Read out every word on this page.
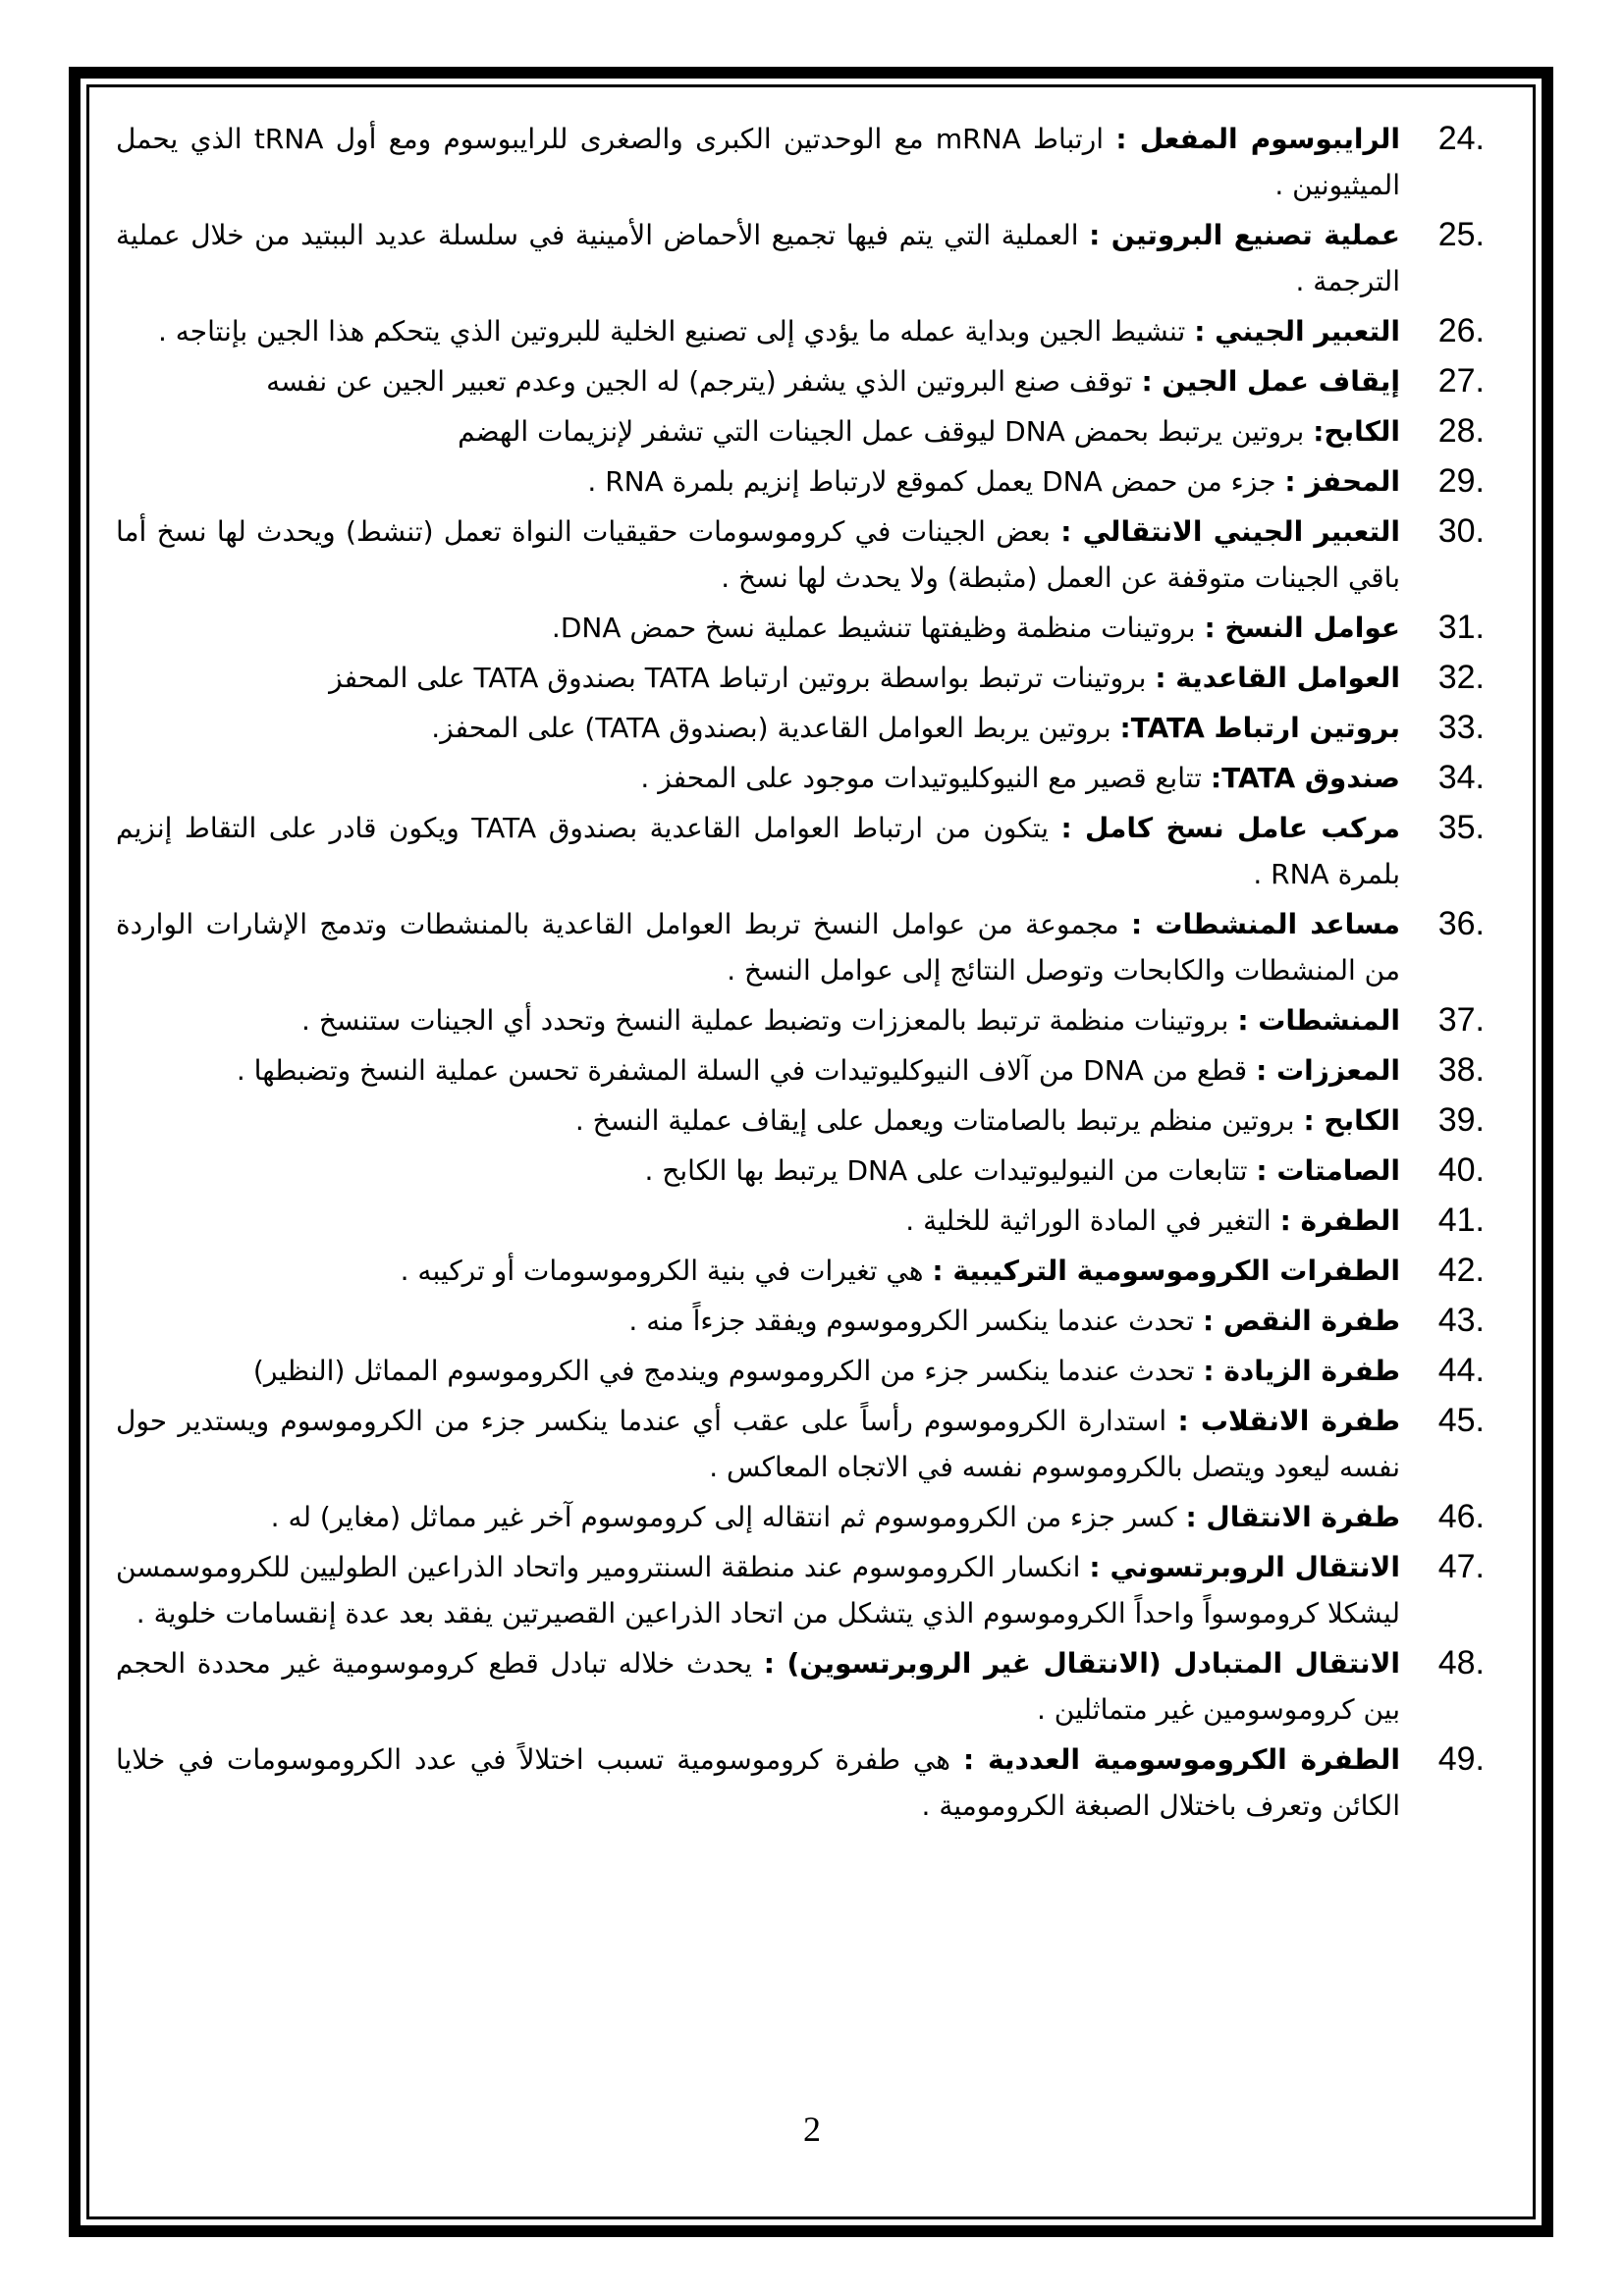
24.
الرايبوسوم المفعل : ارتباط mRNA مع الوحدتين الكبرى والصغرى للرايبوسوم ومع أول tRNA الذي يحمل الميثيونين .
25.
عملية تصنيع البروتين : العملية التي يتم فيها تجميع الأحماض الأمينية في سلسلة عديد الببتيد من خلال عملية الترجمة .
26.
التعبير الجيني : تنشيط الجين وبداية عمله ما يؤدي إلى تصنيع الخلية للبروتين الذي يتحكم هذا الجين بإنتاجه .
27.
إيقاف عمل الجين : توقف صنع البروتين الذي يشفر (يترجم) له الجين وعدم تعبير الجين عن نفسه
28.
الكابح: بروتين يرتبط بحمض DNA ليوقف عمل الجينات التي تشفر لإنزيمات الهضم
29.
المحفز : جزء من حمض DNA يعمل كموقع لارتباط إنزيم بلمرة RNA .
30.
التعبير الجيني الانتقالي : بعض الجينات في كروموسومات حقيقيات النواة تعمل (تنشط) ويحدث لها نسخ أما باقي الجينات متوقفة عن العمل (مثبطة) ولا يحدث لها نسخ .
31.
عوامل النسخ : بروتينات منظمة وظيفتها تنشيط عملية نسخ حمض DNA.
32.
العوامل القاعدية : بروتينات ترتبط بواسطة بروتين ارتباط TATA بصندوق TATA على المحفز
33.
بروتين ارتباط TATA: بروتين يربط العوامل القاعدية (بصندوق TATA) على المحفز.
34.
صندوق TATA: تتابع قصير مع النيوكليوتيدات موجود على المحفز .
35.
مركب عامل نسخ كامل : يتكون من ارتباط العوامل القاعدية بصندوق TATA ويكون قادر على التقاط إنزيم بلمرة RNA .
36.
مساعد المنشطات : مجموعة من عوامل النسخ تربط العوامل القاعدية بالمنشطات وتدمج الإشارات الواردة من المنشطات والكابحات وتوصل النتائج إلى عوامل النسخ .
37.
المنشطات : بروتينات منظمة ترتبط بالمعززات وتضبط عملية النسخ وتحدد أي الجينات ستنسخ .
38.
المعززات : قطع من DNA من آلاف النيوكليوتيدات في السلة المشفرة تحسن عملية النسخ وتضبطها .
39.
الكابح : بروتين منظم يرتبط بالصامتات ويعمل على إيقاف عملية النسخ .
40.
الصامتات : تتابعات من النيوليوتيدات على DNA يرتبط بها الكابح .
41.
الطفرة : التغير في المادة الوراثية للخلية .
42.
الطفرات الكروموسومية التركيبية : هي تغيرات في بنية الكروموسومات أو تركيبه .
43.
طفرة النقص : تحدث عندما ينكسر الكروموسوم ويفقد جزءاً منه .
44.
طفرة الزيادة : تحدث عندما ينكسر جزء من الكروموسوم ويندمج في الكروموسوم المماثل (النظير)
45.
طفرة الانقلاب : استدارة الكروموسوم رأساً على عقب أي عندما ينكسر جزء من الكروموسوم ويستدير حول نفسه ليعود ويتصل بالكروموسوم نفسه في الاتجاه المعاكس .
46.
طفرة الانتقال : كسر جزء من الكروموسوم ثم انتقاله إلى كروموسوم آخر غير مماثل (مغاير) له .
47.
الانتقال الروبرتسوني : انكسار الكروموسوم عند منطقة السنترومير واتحاد الذراعين الطوليين للكروموسمسن ليشكلا كروموسواً واحداً الكروموسوم الذي يتشكل من اتحاد الذراعين القصيرتين يفقد بعد عدة إنقسامات خلوية .
48.
الانتقال المتبادل (الانتقال غير الروبرتسوين) : يحدث خلاله تبادل قطع كروموسومية غير محددة الحجم بين كروموسومين غير متماثلين .
49.
الطفرة الكروموسومية العددية : هي طفرة كروموسومية تسبب اختلالاً في عدد الكروموسومات في خلايا الكائن وتعرف باختلال الصبغة الكرومومية .
2
